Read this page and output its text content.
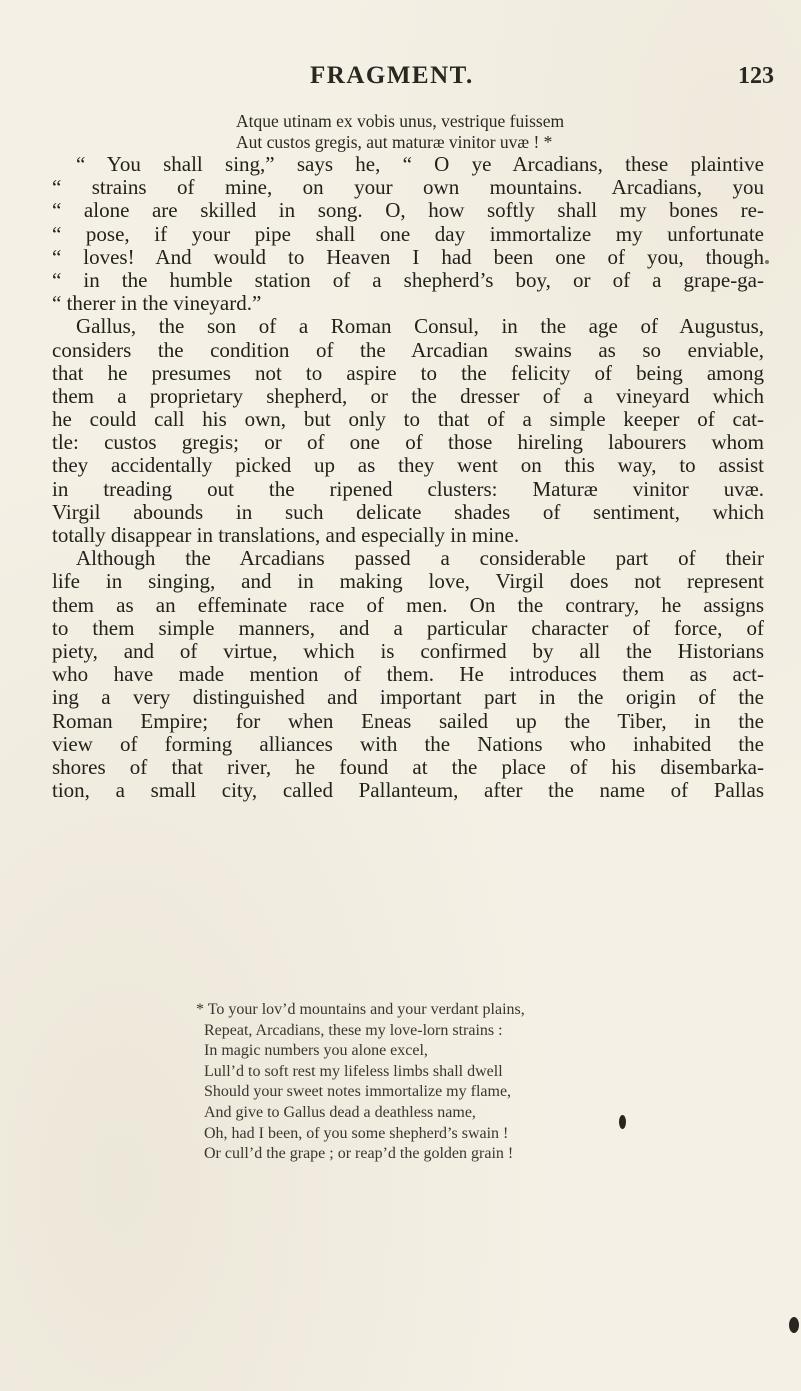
FRAGMENT.	123
Atque utinam ex vobis unus, vestrique fuissem
Aut custos gregis, aut maturæ vinitor uvæ ! *
“ You shall sing,” says he, “ O ye Arcadians, these plaintive
“ strains of mine, on your own mountains. Arcadians, you
“ alone are skilled in song. O, how softly shall my bones re-
“ pose, if your pipe shall one day immortalize my unfortunate
“ loves! And would to Heaven I had been one of you, though
“ in the humble station of a shepherd’s boy, or of a grape-ga-
“ therer in the vineyard.”
Gallus, the son of a Roman Consul, in the age of Augustus,
considers the condition of the Arcadian swains as so enviable,
that he presumes not to aspire to the felicity of being among
them a proprietary shepherd, or the dresser of a vineyard which
he could call his own, but only to that of a simple keeper of cat-
tle: custos gregis; or of one of those hireling labourers whom
they accidentally picked up as they went on this way, to assist
in treading out the ripened clusters: Maturæ vinitor uvæ.
Virgil abounds in such delicate shades of sentiment, which
totally disappear in translations, and especially in mine.
Although the Arcadians passed a considerable part of their
life in singing, and in making love, Virgil does not represent
them as an effeminate race of men. On the contrary, he assigns
to them simple manners, and a particular character of force, of
piety, and of virtue, which is confirmed by all the Historians
who have made mention of them. He introduces them as act-
ing a very distinguished and important part in the origin of the
Roman Empire; for when Eneas sailed up the Tiber, in the
view of forming alliances with the Nations who inhabited the
shores of that river, he found at the place of his disembarka-
tion, a small city, called Pallanteum, after the name of Pallas
* To your lov’d mountains and your verdant plains,
Repeat, Arcadians, these my love-lorn strains :
In magic numbers you alone excel,
Lull’d to soft rest my lifeless limbs shall dwell
Should your sweet notes immortalize my flame,
And give to Gallus dead a deathless name,
Oh, had I been, of you some shepherd’s swain !
Or cull’d the grape ; or reap’d the golden grain !
